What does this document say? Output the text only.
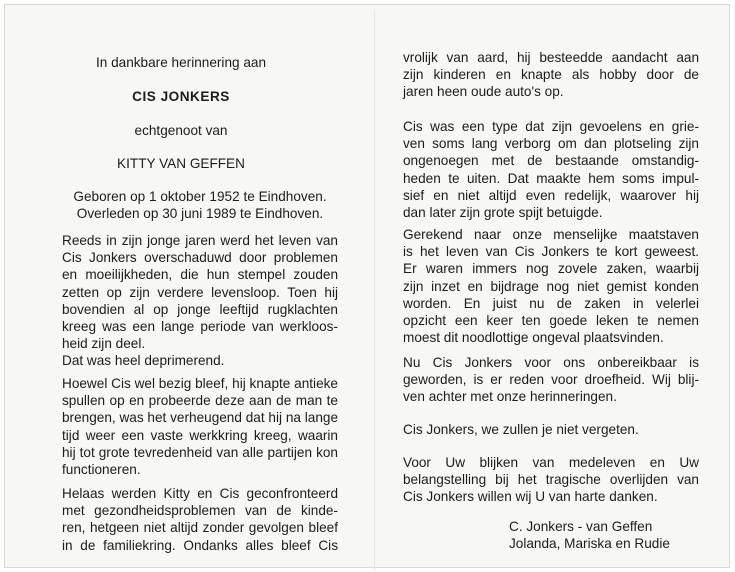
In dankbare herinnering aan
CIS JONKERS
echtgenoot van
KITTY VAN GEFFEN
Geboren op 1 oktober 1952 te Eindhoven.
Overleden op 30 juni 1989 te Eindhoven.
Reeds in zijn jonge jaren werd het leven van
Cis Jonkers overschaduwd door problemen
en moeilijkheden, die hun stempel zouden
zetten op zijn verdere levensloop. Toen hij
bovendien al op jonge leeftijd rugklachten
kreeg was een lange periode van werkloos-
heid zijn deel.
Dat was heel deprimerend.
Hoewel Cis wel bezig bleef, hij knapte antieke
spullen op en probeerde deze aan de man te
brengen, was het verheugend dat hij na lange
tijd weer een vaste werkkring kreeg, waarin
hij tot grote tevredenheid van alle partijen kon
functioneren.
Helaas werden Kitty en Cis geconfronteerd
met gezondheidsproblemen van de kinde-
ren, hetgeen niet altijd zonder gevolgen bleef
in de familiekring. Ondanks alles bleef Cis
vrolijk van aard, hij besteedde aandacht aan
zijn kinderen en knapte als hobby door de
jaren heen oude auto's op.
Cis was een type dat zijn gevoelens en grie-
ven soms lang verborg om dan plotseling zijn
ongenoegen met de bestaande omstandig-
heden te uiten. Dat maakte hem soms impul-
sief en niet altijd even redelijk, waarover hij
dan later zijn grote spijt betuigde.
Gerekend naar onze menselijke maatstaven
is het leven van Cis Jonkers te kort geweest.
Er waren immers nog zovele zaken, waarbij
zijn inzet en bijdrage nog niet gemist konden
worden. En juist nu de zaken in velerlei
opzicht een keer ten goede leken te nemen
moest dit noodlottige ongeval plaatsvinden.
Nu Cis Jonkers voor ons onbereikbaar is
geworden, is er reden voor droefheid. Wij blij-
ven achter met onze herinneringen.
Cis Jonkers, we zullen je niet vergeten.
Voor Uw blijken van medeleven en Uw
belangstelling bij het tragische overlijden van
Cis Jonkers willen wij U van harte danken.
C. Jonkers - van Geffen
Jolanda, Mariska en Rudie
